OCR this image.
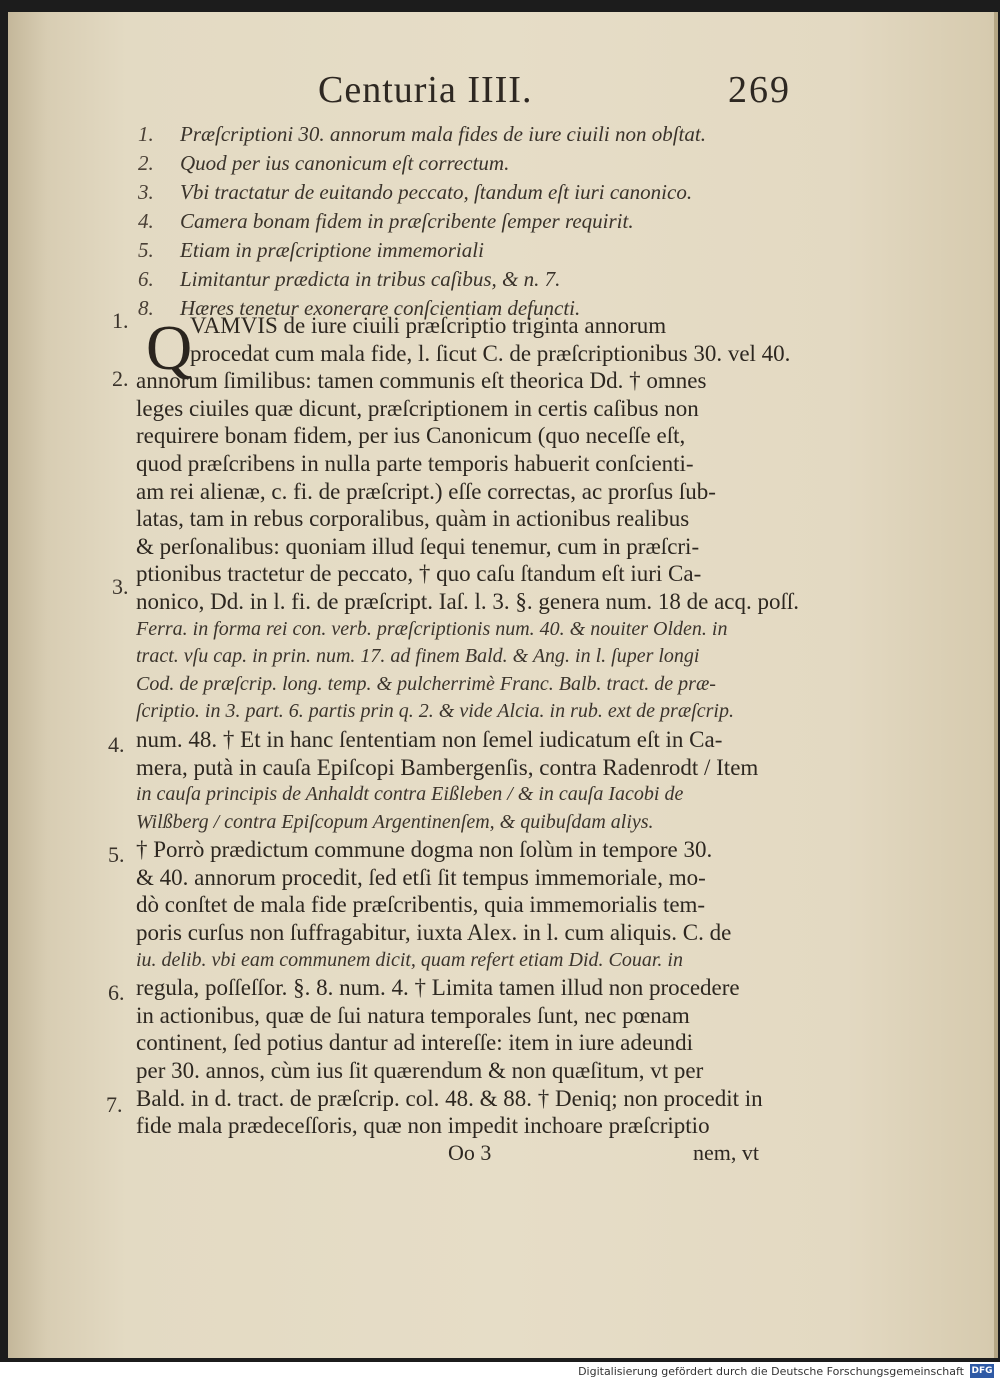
Centuria IIII.	269
1.	Præſcriptioni 30. annorum mala fides de iure ciuili non obſtat.
2.	Quod per ius canonicum eſt correctum.
3.	Vbi tractatur de euitando peccato, ſtandum eſt iuri canonico.
4.	Camera bonam fidem in præſcribente ſemper requirit.
5.	Etiam in præſcriptione immemoriali
6.	Limitantur prædicta in tribus caſibus, & n. 7.
8.	Hæres tenetur exonerare conſcientiam defuncti.
1.
2.
3.
4.
5.
6.
7.
Q
VAMVIS de iure ciuili præſcriptio triginta annorum
procedat cum mala fide, l. ſicut C. de præſcriptionibus 30. vel 40.
annorum ſimilibus: tamen communis eſt theorica Dd. † omnes
leges ciuiles quæ dicunt, præſcriptionem in certis caſibus non
requirere bonam fidem, per ius Canonicum (quo neceſſe eſt,
quod præſcribens in nulla parte temporis habuerit conſcienti-
am rei alienæ, c. fi. de præſcript.) eſſe correctas, ac prorſus ſub-
latas, tam in rebus corporalibus, quàm in actionibus realibus
& perſonalibus: quoniam illud ſequi tenemur, cum in præſcri-
ptionibus tractetur de peccato, † quo caſu ſtandum eſt iuri Ca-
nonico, Dd. in l. fi. de præſcript. Iaſ. l. 3. §. genera num. 18 de acq. poſſ.
Ferra. in forma rei con. verb. præſcriptionis num. 40. & nouiter Olden. in
tract. vſu cap. in prin. num. 17. ad finem Bald. & Ang. in l. ſuper longi
Cod. de præſcrip. long. temp. & pulcherrimè Franc. Balb. tract. de præ-
ſcriptio. in 3. part. 6. partis prin q. 2. & vide Alcia. in rub. ext de præſcrip.
num. 48. † Et in hanc ſententiam non ſemel iudicatum eſt in Ca-
mera, putà in cauſa Epiſcopi Bambergenſis, contra Radenrodt / Item
in cauſa principis de Anhaldt contra Eißleben / & in cauſa Iacobi de
Wilßberg / contra Epiſcopum Argentinenſem, & quibuſdam aliys.
† Porrò prædictum commune dogma non ſolùm in tempore 30.
& 40. annorum procedit, ſed etſi ſit tempus immemoriale, mo-
dò conſtet de mala fide præſcribentis, quia immemorialis tem-
poris curſus non ſuffragabitur, iuxta Alex. in l. cum aliquis. C. de
iu. delib. vbi eam communem dicit, quam refert etiam Did. Couar. in
regula, poſſeſſor. §. 8. num. 4. † Limita tamen illud non procedere
in actionibus, quæ de ſui natura temporales ſunt, nec pœnam
continent, ſed potius dantur ad intereſſe: item in iure adeundi
per 30. annos, cùm ius ſit quærendum & non quæſitum, vt per
Bald. in d. tract. de præſcrip. col. 48. & 88. † Deniq; non procedit in
fide mala prædeceſſoris, quæ non impedit inchoare præſcriptio
Oo 3	nem, vt
Digitalisierung gefördert durch die Deutsche Forschungsgemeinschaft DFG
